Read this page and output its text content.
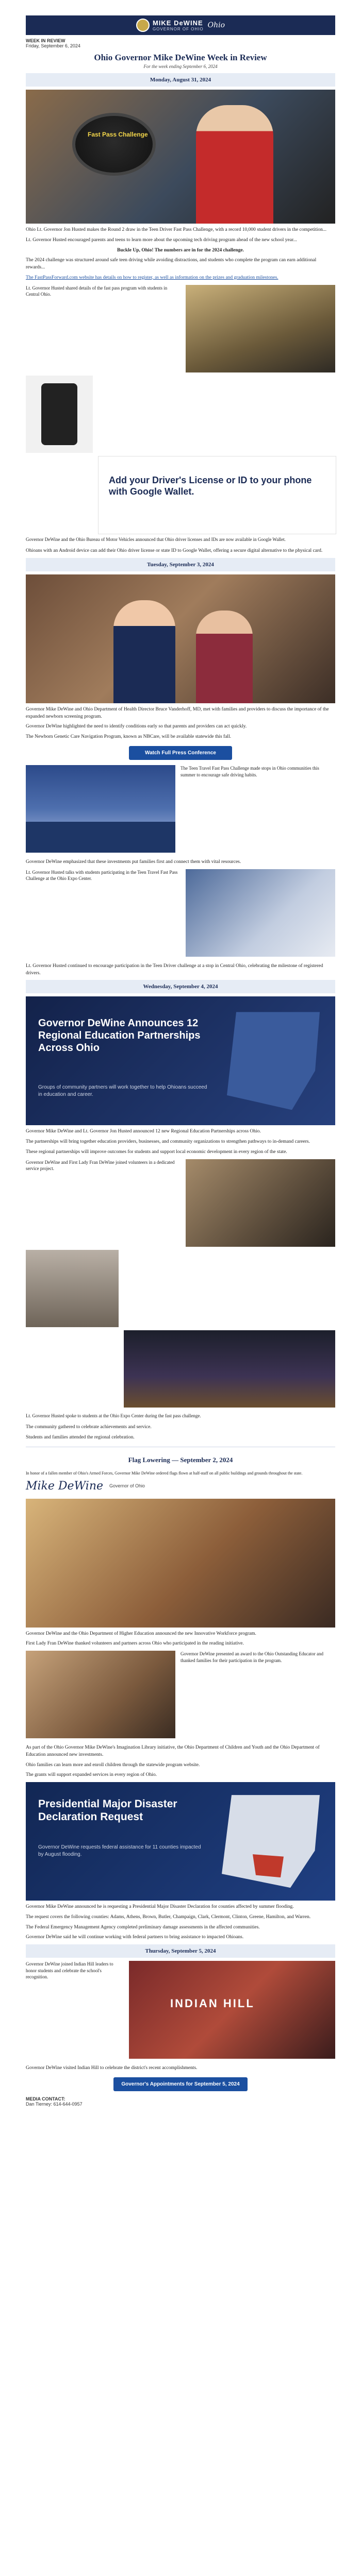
MIKE DeWINE
GOVERNOR OF OHIO Ohio
WEEK IN REVIEW
Friday, September 6, 2024
Ohio Governor Mike DeWine Week in Review
For the week ending September 6, 2024
Monday, August 31, 2024
Fast Pass Challenge

Ohio Lt. Governor Jon Husted makes the Round 2 draw in the Teen Driver Fast Pass Challenge, with a record 10,000 student drivers in the competition...

Lt. Governor Husted encouraged parents and teens to learn more about the upcoming tech driving program ahead of the new school year...

Buckle Up, Ohio! The numbers are in for the 2024 challenge.

The 2024 challenge was structured around safe teen driving while avoiding distractions, and students who complete the program can earn additional rewards...

The FastPassForward.com website has details on how to register, as well as information on the prizes and graduation milestones.

Lt. Governor Husted shared details of the fast pass program with students in Central Ohio.
Add your Driver's License or ID to your phone with Google Wallet.
Governor DeWine and the Ohio Bureau of Motor Vehicles announced that Ohio driver licenses and IDs are now available in Google Wallet.

Ohioans with an Android device can add their Ohio driver license or state ID to Google Wallet, offering a secure digital alternative to the physical card.

Tuesday, September 3, 2024

Governor Mike DeWine and Ohio Department of Health Director Bruce Vanderhoff, MD, met with families and providers to discuss the importance of the expanded newborn screening program.

Governor DeWine highlighted the need to identify conditions early so that parents and providers can act quickly.

The Newborn Genetic Care Navigation Program, known as NBCare, will be available statewide this fall.

Watch Full Press Conference
The Teen Travel Fast Pass Challenge made stops in Ohio communities this summer to encourage safe driving habits.

Governor DeWine emphasized that these investments put families first and connect them with vital resources.

Lt. Governor Husted talks with students participating in the Teen Travel Fast Pass Challenge at the Ohio Expo Center.

Lt. Governor Husted continued to encourage participation in the Teen Driver challenge at a stop in Central Ohio, celebrating the milestone of registered drivers.

Wednesday, September 4, 2024
Governor DeWine Announces 12 Regional Education Partnerships Across Ohio
Groups of community partners will work together to help Ohioans succeed in education and career.

Governor Mike DeWine and Lt. Governor Jon Husted announced 12 new Regional Education Partnerships across Ohio.

The partnerships will bring together education providers, businesses, and community organizations to strengthen pathways to in-demand careers.

These regional partnerships will improve outcomes for students and support local economic development in every region of the state.

Governor DeWine and First Lady Fran DeWine joined volunteers in a dedicated service project.
Lt. Governor Husted spoke to students at the Ohio Expo Center during the fast pass challenge.

The community gathered to celebrate achievements and service.

Students and families attended the regional celebration.

Flag Lowering — September 2, 2024

In honor of a fallen member of Ohio's Armed Forces, Governor Mike DeWine ordered flags flown at half-staff on all public buildings and grounds throughout the state.

Mike DeWine Governor of Ohio

Governor DeWine and the Ohio Department of Higher Education announced the new Innovative Workforce program.

First Lady Fran DeWine thanked volunteers and partners across Ohio who participated in the reading initiative.

Governor DeWine presented an award to the Ohio Outstanding Educator and thanked families for their participation in the program.

As part of the Ohio Governor Mike DeWine's Imagination Library initiative, the Ohio Department of Children and Youth and the Ohio Department of Education announced new investments.

Ohio families can learn more and enroll children through the statewide program website.

The grants will support expanded services in every region of Ohio.

Presidential Major Disaster Declaration Request
Governor DeWine requests federal assistance for 11 counties impacted by August flooding.

Governor Mike DeWine announced he is requesting a Presidential Major Disaster Declaration for counties affected by summer flooding.

The request covers the following counties: Adams, Athens, Brown, Butler, Champaign, Clark, Clermont, Clinton, Greene, Hamilton, and Warren.

The Federal Emergency Management Agency completed preliminary damage assessments in the affected communities.

Governor DeWine said he will continue working with federal partners to bring assistance to impacted Ohioans.

Thursday, September 5, 2024
INDIAN HILL
Governor DeWine joined Indian Hill leaders to honor students and celebrate the school's recognition.

Governor DeWine visited Indian Hill to celebrate the district's recent accomplishments.

Governor's Appointments for September 5, 2024
MEDIA CONTACT:
Dan Tierney: 614-644-0957
